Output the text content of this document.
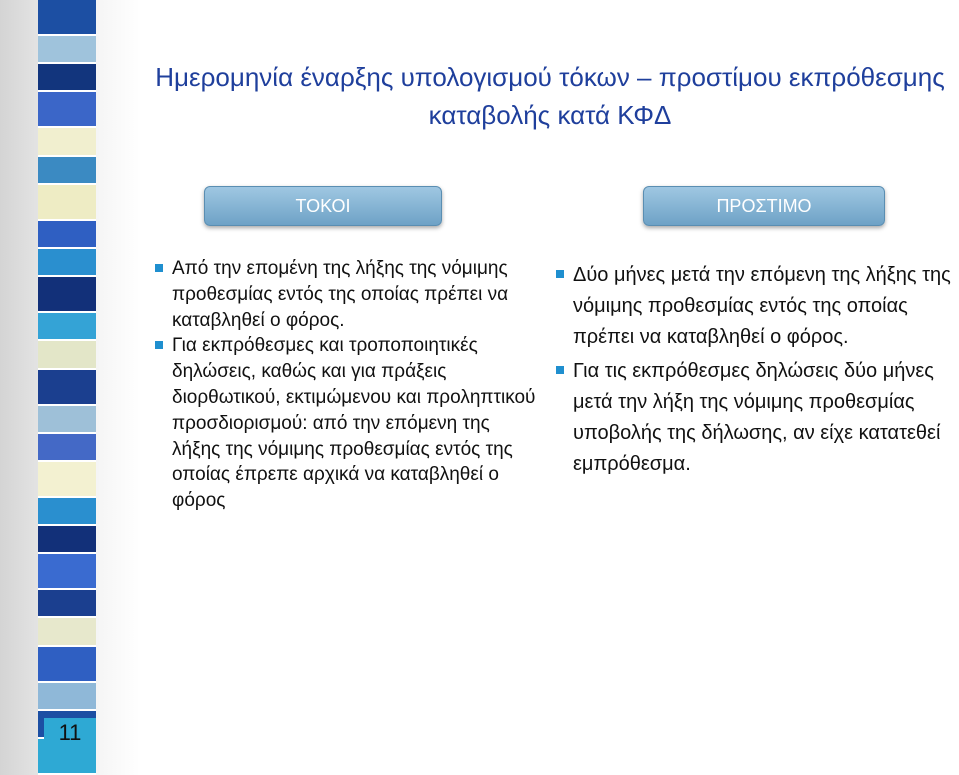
11
Ημερομηνία έναρξης υπολογισμού τόκων – προστίμου εκπρόθεσμης καταβολής κατά ΚΦΔ
ΤΟΚΟΙ	ΠΡΟΣΤΙΜΟ
Από την επομένη της λήξης της νόμιμης προθεσμίας εντός της οποίας πρέπει να καταβληθεί ο φόρος.
Για εκπρόθεσμες και τροποποιητικές δηλώσεις, καθώς και για πράξεις διορθωτικού, εκτιμώμενου και προληπτικού προσδιορισμού: από την επόμενη της λήξης της νόμιμης προθεσμίας εντός της οποίας έπρεπε αρχικά να καταβληθεί ο φόρος
Δύο μήνες μετά την επόμενη της λήξης της νόμιμης προθεσμίας εντός της οποίας πρέπει να καταβληθεί ο φόρος.
Για τις εκπρόθεσμες δηλώσεις δύο μήνες μετά την λήξη της νόμιμης προθεσμίας υποβολής της δήλωσης, αν είχε κατατεθεί εμπρόθεσμα.
